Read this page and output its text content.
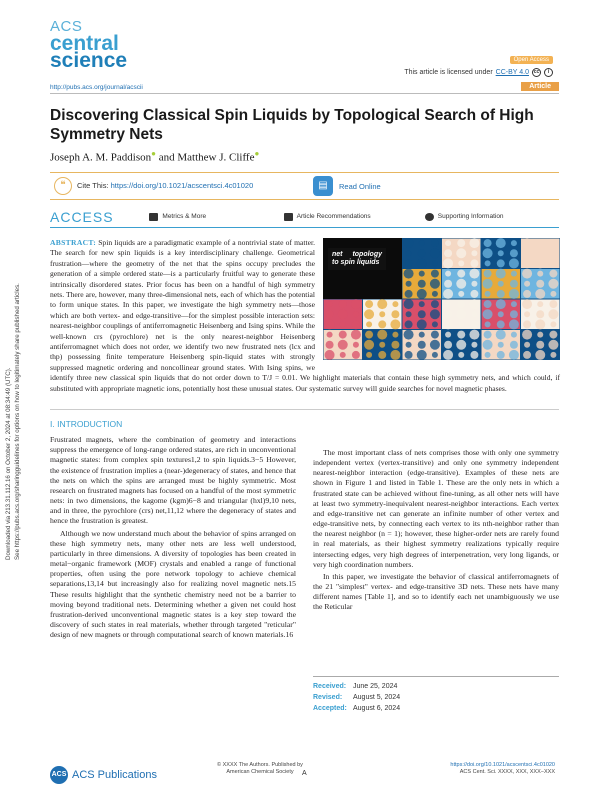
Downloaded via 213.31.112.16 on October 2, 2024 at 08:34:49 (UTC). See https://pubs.acs.org/sharingguidelines for options on how to legitimately share published articles.
ACS
central
science	Open Access
This article is licensed under CC-BY 4.0 cc	i
http://pubs.acs.org/journal/acscii	Article
Discovering Classical Spin Liquids by Topological Search of High Symmetry Nets
Joseph A. M. Paddison● and Matthew J. Cliffe●
❝	Cite This: https://doi.org/10.1021/acscentsci.4c01020	▤	Read Online
ACCESS	Metrics & More	Article Recommendations	Supporting Information
net topology to spin liquids
ABSTRACT: Spin liquids are a paradigmatic example of a nontrivial state of matter. The search for new spin liquids is a key interdisciplinary challenge. Geometrical frustration—where the geometry of the net that the spins occupy precludes the generation of a simple ordered state—is a particularly fruitful way to generate these intrinsically disordered states. Prior focus has been on a handful of high symmetry nets. There are, however, many three-dimensional nets, each of which has the potential to form unique states. In this paper, we investigate the high symmetry nets—those which are both vertex- and edge-transitive—for the simplest possible interaction sets: nearest-neighbor couplings of antiferromagnetic Heisenberg and Ising spins. While the well-known crs (pyrochlore) net is the only nearest-neighbor Heisenberg antiferromagnet which does not order, we identify two new frustrated nets (lcx and thp) possessing finite temperature Heisenberg spin-liquid states with strongly suppressed magnetic ordering and noncollinear ground states. With Ising spins, we identify three new classical spin liquids that do not order down to T/J = 0.01. We highlight materials that contain these high symmetry nets, and which could, if substituted with appropriate magnetic ions, potentially host these unusual states. Our systematic survey will guide searches for novel magnetic phases.
I. INTRODUCTION

Frustrated magnets, where the combination of geometry and interactions suppress the emergence of long-range ordered states, are rich in unconventional magnetic states: from complex spin textures1,2 to spin liquids.3−5 However, the existence of frustration implies a (near-)degeneracy of states, and hence that the nets on which the spins are arranged must be highly symmetric. Most research on frustrated magnets has focused on a handful of the most symmetric nets: in two dimensions, the kagome (kgm)6−8 and triangular (hxl)9,10 nets, and in three, the pyrochlore (crs) net,11,12 where the degeneracy of states and hence the frustration is greatest.

Although we now understand much about the behavior of spins arranged on these high symmetry nets, many other nets are less well understood, particularly in three dimensions. A diversity of topologies has been created in metal−organic framework (MOF) crystals and enabled a range of functional properties, often using the pore network topology to achieve chemical separations,13,14 but increasingly also for realizing novel magnetic nets.15 These results highlight that the synthetic chemistry need not be a barrier to moving beyond traditional nets. Determining whether a given net could host frustration-derived unconventional magnetic states is a key step toward the discovery of such states in real materials, whether through targeted "reticular" design of new magnets or through computational search of known materials.16

The most important class of nets comprises those with only one symmetry independent vertex (vertex-transitive) and only one symmetry independent nearest-neighbor interaction (edge-transitive). Examples of these nets are shown in Figure 1 and listed in Table 1. These are the only nets in which a frustrated state can be achieved without fine-tuning, as all other nets will have at least two symmetry-inequivalent nearest-neighbor interactions. Each vertex and edge-transitive net can generate an infinite number of other vertex and edge-transitive nets, by connecting each vertex to its nth-neighbor rather than the nearest neighbor (n = 1); however, these higher-order nets are rarely found in real materials, as their highest symmetry realizations typically require intersecting edges, very high degrees of interpenetration, very long ligands, or very high coordination numbers.

In this paper, we investigate the behavior of classical antiferromagnets of the 21 "simplest" vertex- and edge-transitive 3D nets. These nets have many different names [Table 1], and so to identify each net unambiguously we use the Reticular

Received: June 25, 2024
Revised:	August 5, 2024
Accepted: August 6, 2024
ACS ACS Publications
© XXXX The Authors. Published by
American Chemical Society	A
https://doi.org/10.1021/acscentsci.4c01020
ACS Cent. Sci. XXXX, XXX, XXX−XXX
